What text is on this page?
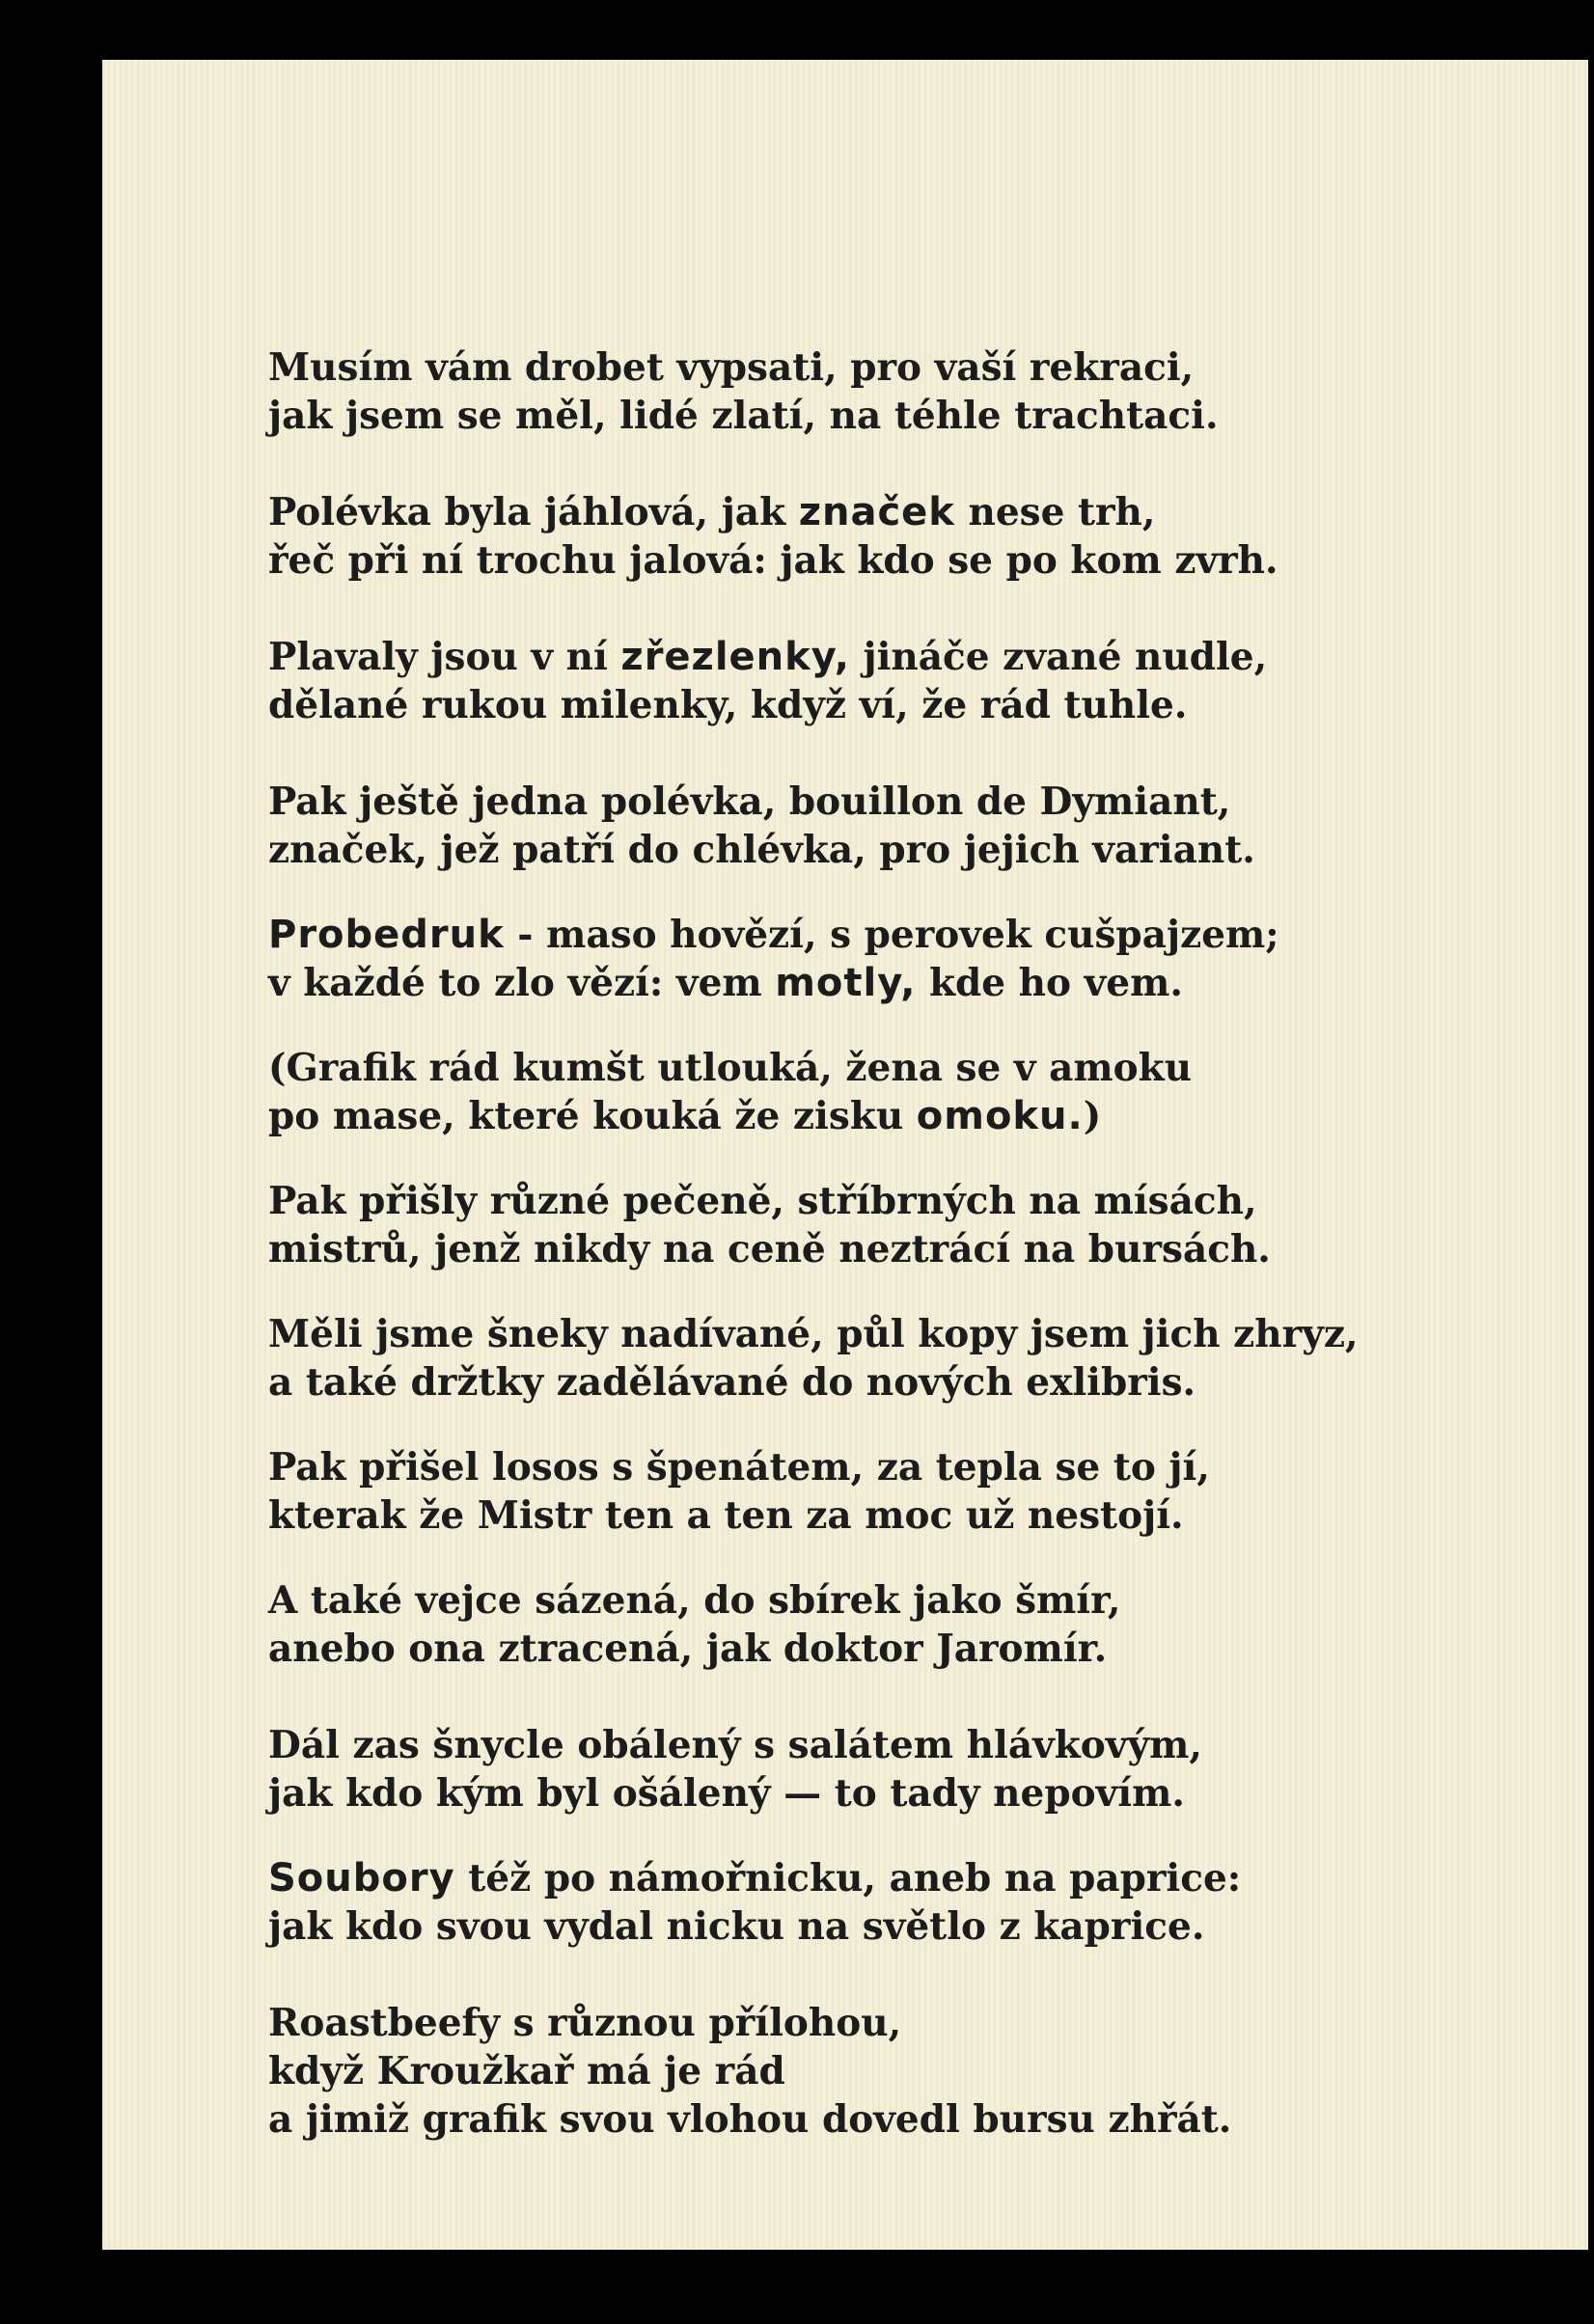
Musím vám drobet vypsati, pro vaší rekraci,
jak jsem se měl, lidé zlatí, na téhle trachtaci.
Polévka byla jáhlová, jak značek nese trh,
řeč při ní trochu jalová: jak kdo se po kom zvrh.
Plavaly jsou v ní zřezlenky, jináče zvané nudle,
dělané rukou milenky, když ví, že rád tuhle.
Pak ještě jedna polévka, bouillon de Dymiant,
značek, jež patří do chlévka, pro jejich variant.
Probedruk - maso hovězí, s perovek cušpajzem;
v každé to zlo vězí: vem motly, kde ho vem.
(Grafik rád kumšt utlouká, žena se v amoku
po mase, které kouká že zisku omoku.)
Pak přišly různé pečeně, stříbrných na mísách,
mistrů, jenž nikdy na ceně neztrácí na bursách.
Měli jsme šneky nadívané, půl kopy jsem jich zhryz,
a také držtky zadělávané do nových exlibris.
Pak přišel losos s špenátem, za tepla se to jí,
kterak že Mistr ten a ten za moc už nestojí.
A také vejce sázená, do sbírek jako šmír,
anebo ona ztracená, jak doktor Jaromír.
Dál zas šnycle obálený s salátem hlávkovým,
jak kdo kým byl ošálený — to tady nepovím.
Soubory též po námořnicku, aneb na paprice:
jak kdo svou vydal nicku na světlo z kaprice.
Roastbeefy s různou přílohou,
když Kroužkař má je rád
a jimiž grafik svou vlohou dovedl bursu zhřát.
